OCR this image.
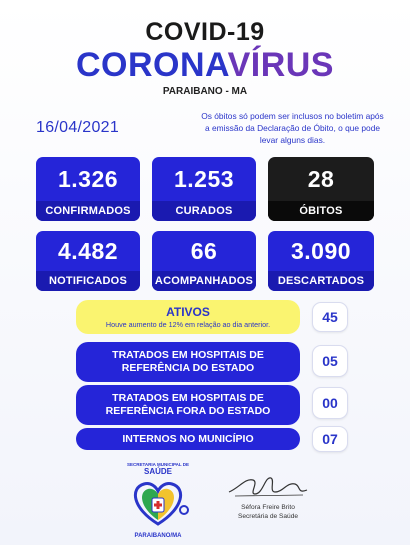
COVID-19
CORONAVÍRUS
PARAIBANO - MA
16/04/2021
Os óbitos só podem ser inclusos no boletim após a emissão da Declaração de Óbito, o que pode levar alguns dias.
1.326
CONFIRMADOS
1.253
CURADOS
28
ÓBITOS
4.482
NOTIFICADOS
66
ACOMPANHADOS
3.090
DESCARTADOS
ATIVOS
Houve aumento de 12% em relação ao dia anterior.	45
TRATADOS EM HOSPITAIS DE
REFERÊNCIA DO ESTADO	05
TRATADOS EM HOSPITAIS DE
REFERÊNCIA FORA DO ESTADO	00
INTERNOS NO MUNICÍPIO	07
SECRETARIA MUNICIPAL DE
SAÚDE
PARAIBANO/MA
Séfora Freire Brito
Secretária de Saúde
